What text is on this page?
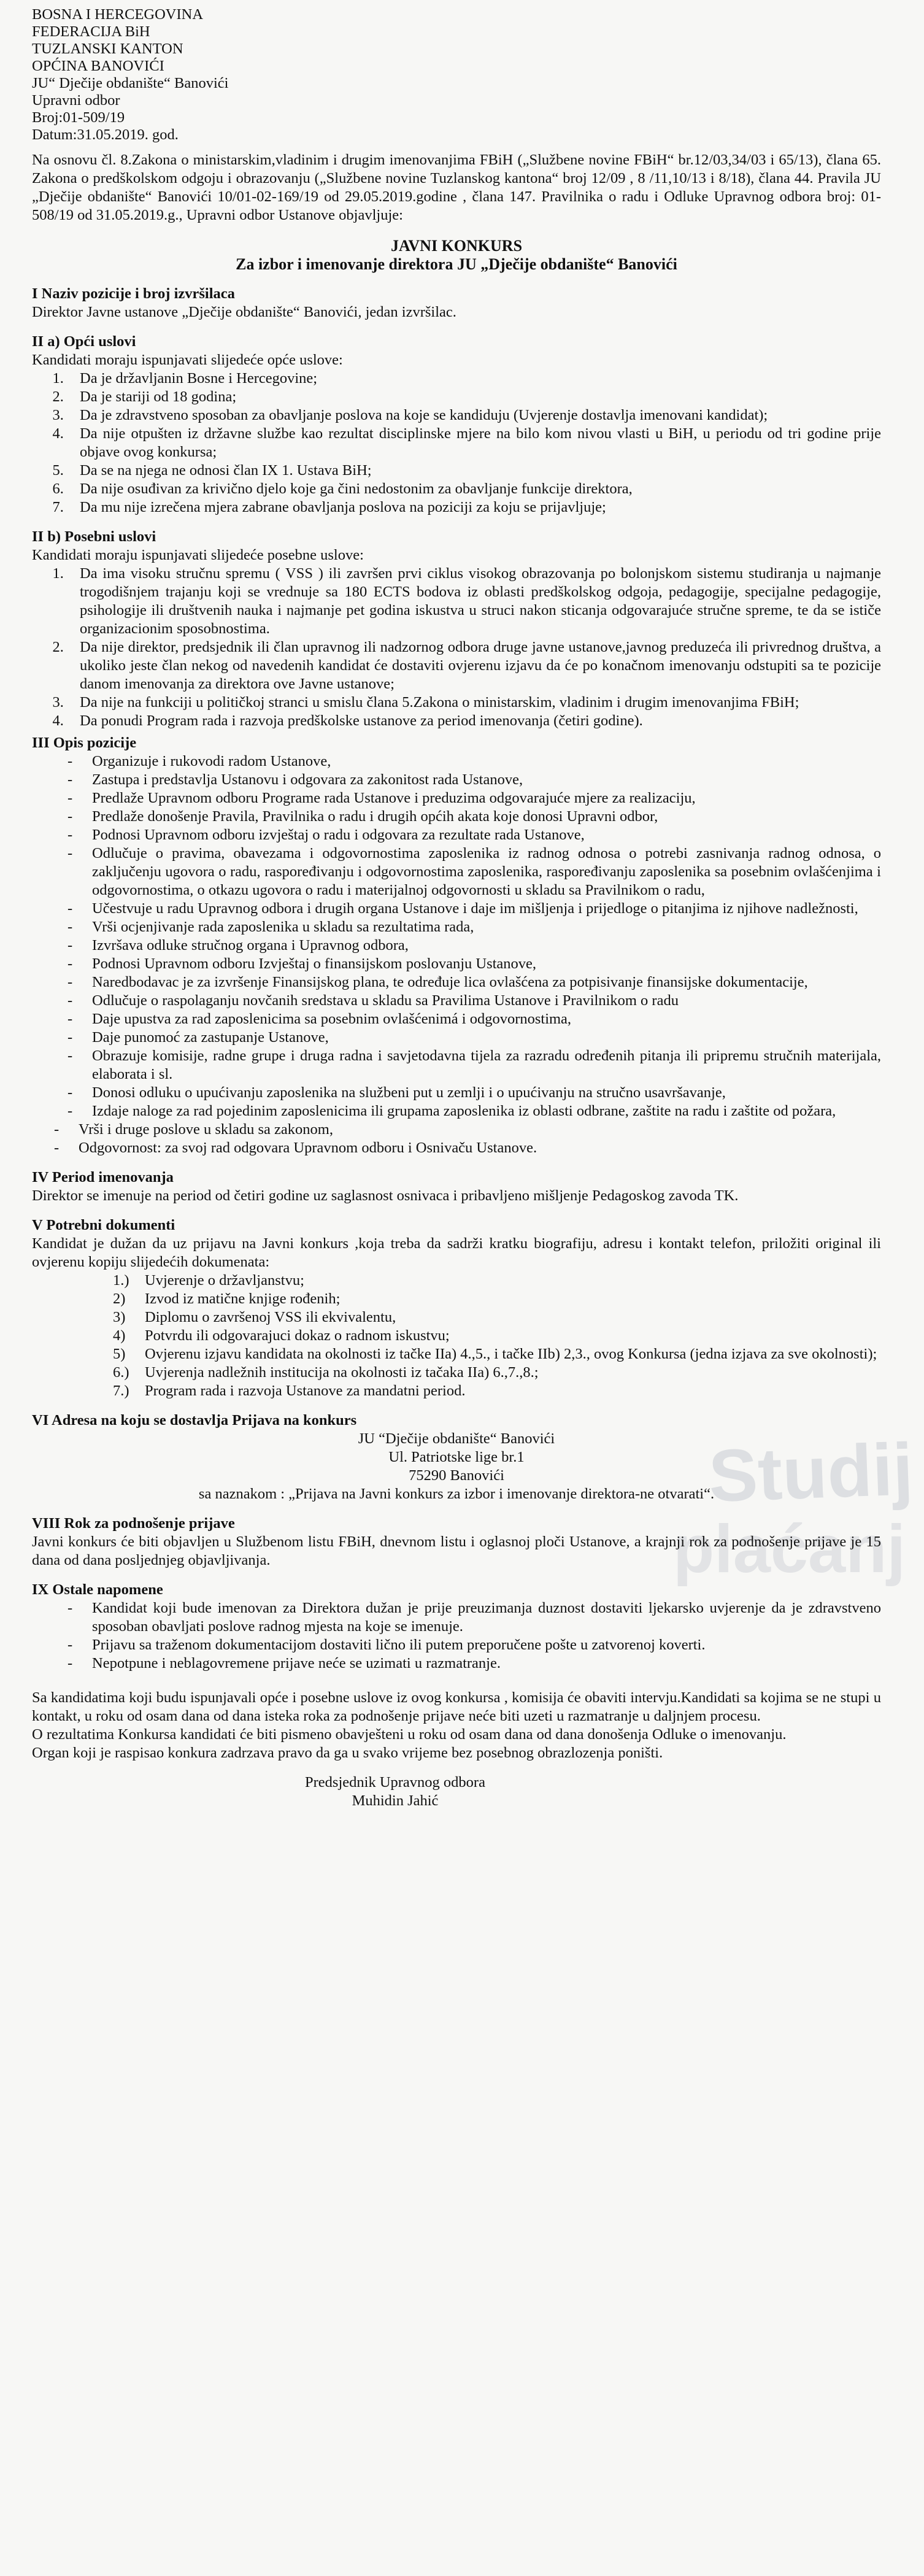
Studij
plaćanj

BOSNA I HERCEGOVINA

FEDERACIJA BiH

TUZLANSKI KANTON

OPĆINA BANOVIĆI

JU“ Dječije obdanište“ Banovići

Upravni odbor

Broj:01-509/19

Datum:31.05.2019. god.

Na osnovu čl. 8.Zakona o ministarskim,vladinim i drugim imenovanjima FBiH („Službene novine FBiH“ br.12/03,34/03 i 65/13), člana 65. Zakona o predškolskom odgoju i obrazovanju („Službene novine Tuzlanskog kantona“ broj 12/09 , 8 /11,10/13 i 8/18), člana 44. Pravila JU „Dječije obdanište“ Banovići 10/01-02-169/19 od 29.05.2019.godine , člana 147. Pravilnika o radu i Odluke Upravnog odbora broj: 01-508/19 od 31.05.2019.g., Upravni odbor Ustanove objavljuje:

JAVNI KONKURS

Za izbor i imenovanje direktora JU „Dječije obdanište“ Banovići

I Naziv pozicije i broj izvršilaca

Direktor Javne ustanove „Dječije obdanište“ Banovići, jedan izvršilac.

II a) Opći uslovi

Kandidati moraju ispunjavati slijedeće opće uslove:

1. Da je državljanin Bosne i Hercegovine;
2. Da je stariji od 18 godina;
3. Da je zdravstveno sposoban za obavljanje poslova na koje se kandiduju (Uvjerenje dostavlja imenovani kandidat);
4. Da nije otpušten iz državne službe kao rezultat disciplinske mjere na bilo kom nivou vlasti u BiH, u periodu od tri godine prije objave ovog konkursa;
5. Da se na njega ne odnosi član IX 1. Ustava BiH;
6. Da nije osuđivan za krivično djelo koje ga čini nedostonim za obavljanje funkcije direktora,
7. Da mu nije izrečena mjera zabrane obavljanja poslova na poziciji za koju se prijavljuje;

II b) Posebni uslovi

Kandidati moraju ispunjavati slijedeće posebne uslove:

1. Da ima visoku stručnu spremu ( VSS ) ili završen prvi ciklus visokog obrazovanja po bolonjskom sistemu studiranja u najmanje trogodišnjem trajanju koji se vrednuje sa 180 ECTS bodova iz oblasti predškolskog odgoja, pedagogije, specijalne pedagogije, psihologije ili društvenih nauka i najmanje pet godina iskustva u struci nakon sticanja odgovarajuće stručne spreme, te da se ističe organizacionim sposobnostima.
2. Da nije direktor, predsjednik ili član upravnog ili nadzornog odbora druge javne ustanove,javnog preduzeća ili privrednog društva, a ukoliko jeste član nekog od navedenih kandidat će dostaviti ovjerenu izjavu da će po konačnom imenovanju odstupiti sa te pozicije danom imenovanja za direktora ove Javne ustanove;
3. Da nije na funkciji u političkoj stranci u smislu člana 5.Zakona o ministarskim, vladinim i drugim imenovanjima FBiH;
4. Da ponudi Program rada i razvoja predškolske ustanove za period imenovanja (četiri godine).

III Opis pozicije

- Organizuje i rukovodi radom Ustanove,
- Zastupa i predstavlja Ustanovu i odgovara za zakonitost rada Ustanove,
- Predlaže Upravnom odboru Programe rada Ustanove i preduzima odgovarajuće mjere za realizaciju,
- Predlaže donošenje Pravila, Pravilnika o radu i drugih općih akata koje donosi Upravni odbor,
- Podnosi Upravnom odboru izvještaj o radu i odgovara za rezultate rada Ustanove,
- Odlučuje o pravima, obavezama i odgovornostima zaposlenika iz radnog odnosa o potrebi zasnivanja radnog odnosa, o zaključenju ugovora o radu, raspoređivanju i odgovornostima zaposlenika, raspoređivanju zaposlenika sa posebnim ovlašćenjima i odgovornostima, o otkazu ugovora o radu i materijalnoj odgovornosti u skladu sa Pravilnikom o radu,
- Učestvuje u radu Upravnog odbora i drugih organa Ustanove i daje im mišljenja i prijedloge o pitanjima iz njihove nadležnosti,
- Vrši ocjenjivanje rada zaposlenika u skladu sa rezultatima rada,
- Izvršava odluke stručnog organa i Upravnog odbora,
- Podnosi Upravnom odboru Izvještaj o finansijskom poslovanju Ustanove,
- Naredbodavac je za izvršenje Finansijskog plana, te određuje lica ovlašćena za potpisivanje finansijske dokumentacije,
- Odlučuje o raspolaganju novčanih sredstava u skladu sa Pravilima Ustanove i Pravilnikom o radu
- Daje upustva za rad zaposlenicima sa posebnim ovlašćenimá i odgovornostima,
- Daje punomoć za zastupanje Ustanove,
- Obrazuje komisije, radne grupe i druga radna i savjetodavna tijela za razradu određenih pitanja ili pripremu stručnih materijala, elaborata i sl.
- Donosi odluku o upućivanju zaposlenika na službeni put u zemlji i o upućivanju na stručno usavršavanje,
- Izdaje naloge za rad pojedinim zaposlenicima ili grupama zaposlenika iz oblasti odbrane, zaštite na radu i zaštite od požara,
- Vrši i druge poslove u skladu sa zakonom,
- Odgovornost: za svoj rad odgovara Upravnom odboru i Osnivaču Ustanove.

IV Period imenovanja

Direktor se imenuje na period od četiri godine uz saglasnost osnivaca i pribavljeno mišljenje Pedagoskog zavoda TK.

V Potrebni dokumenti

Kandidat je dužan da uz prijavu na Javni konkurs ,koja treba da sadrži kratku biografiju, adresu i kontakt telefon, priložiti original ili ovjerenu kopiju slijedećih dokumenata:

1.) Uvjerenje o državljanstvu;
2) Izvod iz matične knjige rođenih;
3) Diplomu o završenoj VSS ili ekvivalentu,
4) Potvrdu ili odgovarajuci dokaz o radnom iskustvu;
5) Ovjerenu izjavu kandidata na okolnosti iz tačke IIa) 4.,5., i tačke IIb) 2,3., ovog Konkursa (jedna izjava za sve okolnosti);
6.) Uvjerenja nadležnih institucija na okolnosti iz tačaka IIa) 6.,7.,8.;
7.) Program rada i razvoja Ustanove za mandatni period.

VI Adresa na koju se dostavlja Prijava na konkurs

JU “Dječije obdanište“ Banovići

Ul. Patriotske lige br.1

75290 Banovići

sa naznakom : „Prijava na Javni konkurs za izbor i imenovanje direktora-ne otvarati“.

VIII Rok za podnošenje prijave

Javni konkurs će biti objavljen u Službenom listu FBiH, dnevnom listu i oglasnoj ploči Ustanove, a krajnji rok za podnošenje prijave je 15 dana od dana posljednjeg objavljivanja.

IX Ostale napomene

- Kandidat koji bude imenovan za Direktora dužan je prije preuzimanja duznost dostaviti ljekarsko uvjerenje da je zdravstveno sposoban obavljati poslove radnog mjesta na koje se imenuje.
- Prijavu sa traženom dokumentacijom dostaviti lično ili putem preporučene pošte u zatvorenoj koverti.
- Nepotpune i neblagovremene prijave neće se uzimati u razmatranje.

Sa kandidatima koji budu ispunjavali opće i posebne uslove iz ovog konkursa , komisija će obaviti intervju.Kandidati sa kojima se ne stupi u kontakt, u roku od osam dana od dana isteka roka za podnošenje prijave neće biti uzeti u razmatranje u daljnjem procesu.

O rezultatima Konkursa kandidati će biti pismeno obavješteni u roku od osam dana od dana donošenja Odluke o imenovanju.

Organ koji je raspisao konkura zadrzava pravo da ga u svako vrijeme bez posebnog obrazlozenja poništi.

Predsjednik Upravnog odbora

Muhidin Jahić
